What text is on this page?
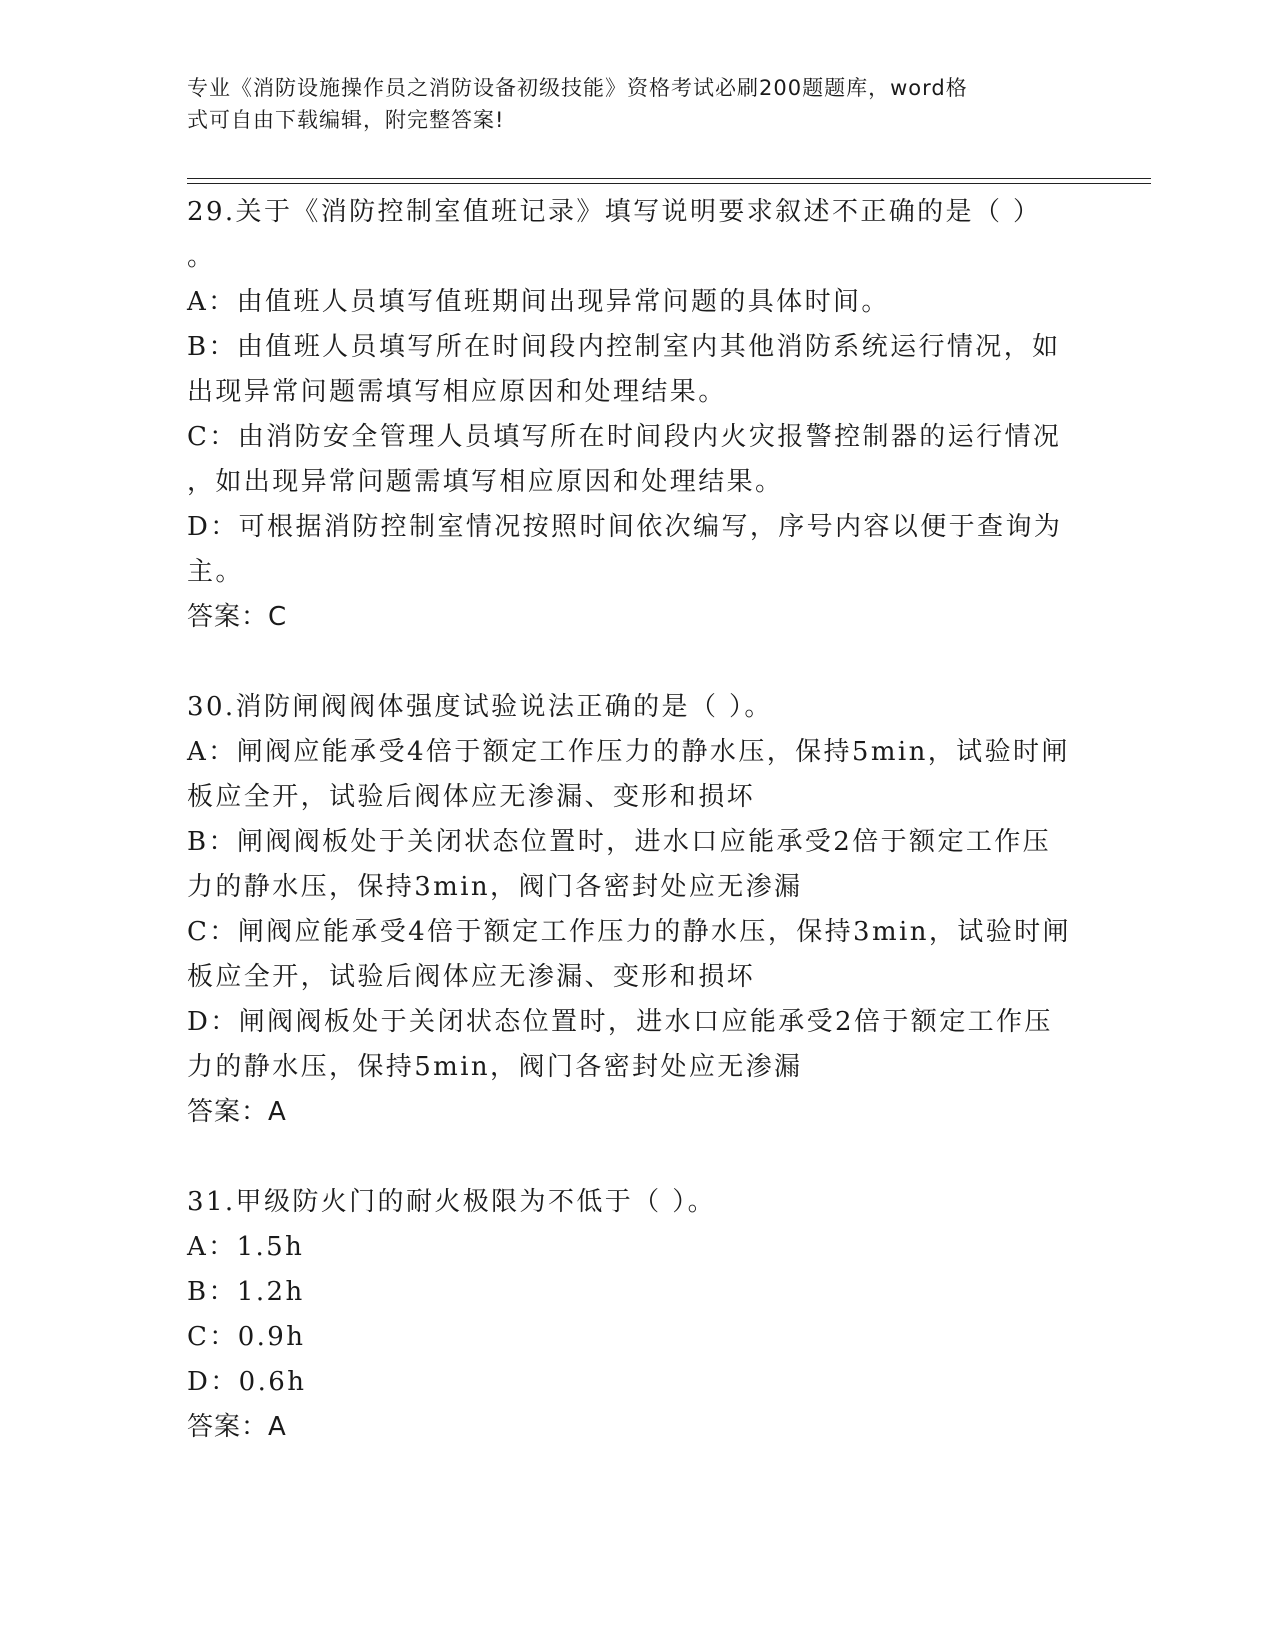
专业《消防设施操作员之消防设备初级技能》资格考试必刷200题题库，word格
式可自由下载编辑，附完整答案!
29.关于《消防控制室值班记录》填写说明要求叙述不正确的是（ ）
。
A：由值班人员填写值班期间出现异常问题的具体时间。
B：由值班人员填写所在时间段内控制室内其他消防系统运行情况，如
出现异常问题需填写相应原因和处理结果。
C：由消防安全管理人员填写所在时间段内火灾报警控制器的运行情况
，如出现异常问题需填写相应原因和处理结果。
D：可根据消防控制室情况按照时间依次编写，序号内容以便于查询为
主。
答案：C
30.消防闸阀阀体强度试验说法正确的是（ ）。
A：闸阀应能承受4倍于额定工作压力的静水压，保持5min，试验时闸
板应全开，试验后阀体应无渗漏、变形和损坏
B：闸阀阀板处于关闭状态位置时，进水口应能承受2倍于额定工作压
力的静水压，保持3min，阀门各密封处应无渗漏
C：闸阀应能承受4倍于额定工作压力的静水压，保持3min，试验时闸
板应全开，试验后阀体应无渗漏、变形和损坏
D：闸阀阀板处于关闭状态位置时，进水口应能承受2倍于额定工作压
力的静水压，保持5min，阀门各密封处应无渗漏
答案：A
31.甲级防火门的耐火极限为不低于（ ）。
A：1.5h
B：1.2h
C：0.9h
D：0.6h
答案：A
